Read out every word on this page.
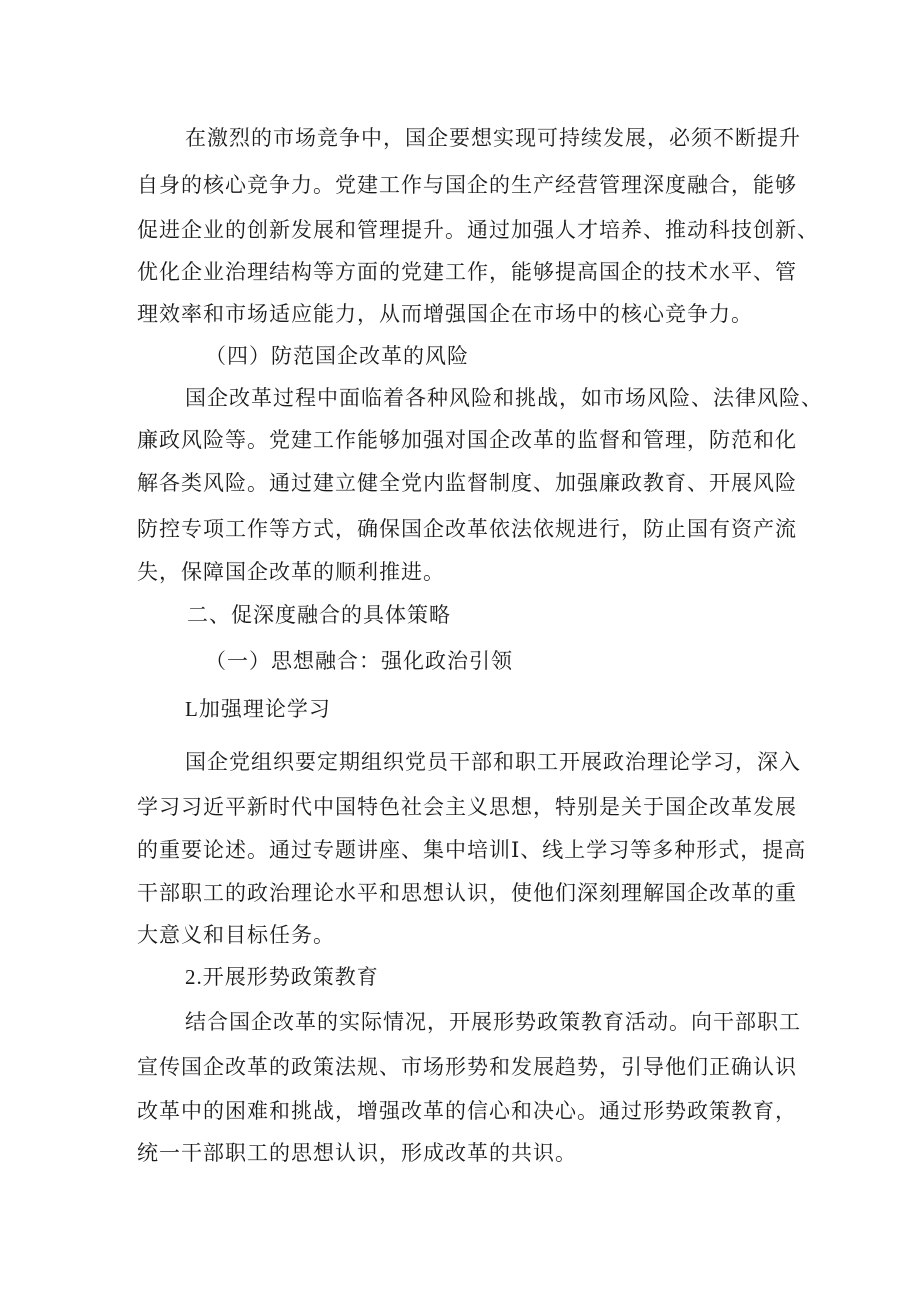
在激烈的市场竞争中，国企要想实现可持续发展，必须不断提升
自身的核心竞争力。党建工作与国企的生产经营管理深度融合，能够
促进企业的创新发展和管理提升。通过加强人才培养、推动科技创新、
优化企业治理结构等方面的党建工作，能够提高国企的技术水平、管
理效率和市场适应能力，从而增强国企在市场中的核心竞争力。
（四）防范国企改革的风险
国企改革过程中面临着各种风险和挑战，如市场风险、法律风险、
廉政风险等。党建工作能够加强对国企改革的监督和管理，防范和化
解各类风险。通过建立健全党内监督制度、加强廉政教育、开展风险
防控专项工作等方式，确保国企改革依法依规进行，防止国有资产流
失，保障国企改革的顺利推进。
二、促深度融合的具体策略
（一）思想融合：强化政治引领
L加强理论学习
国企党组织要定期组织党员干部和职工开展政治理论学习，深入
学习习近平新时代中国特色社会主义思想，特别是关于国企改革发展
的重要论述。通过专题讲座、集中培训I、线上学习等多种形式，提高
干部职工的政治理论水平和思想认识，使他们深刻理解国企改革的重
大意义和目标任务。
2.开展形势政策教育
结合国企改革的实际情况，开展形势政策教育活动。向干部职工
宣传国企改革的政策法规、市场形势和发展趋势，引导他们正确认识
改革中的困难和挑战，增强改革的信心和决心。通过形势政策教育，
统一干部职工的思想认识，形成改革的共识。
